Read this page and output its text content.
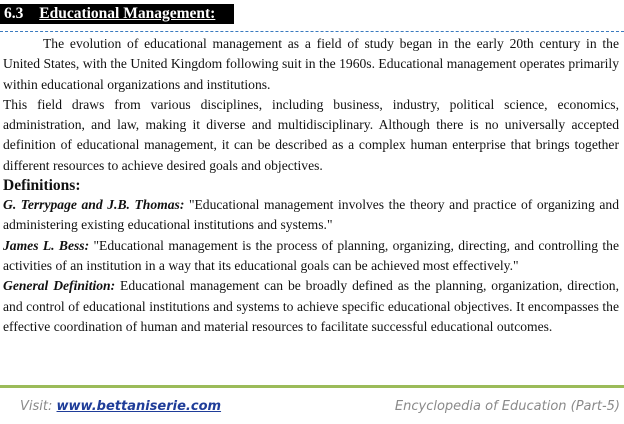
6.3 Educational Management:

The evolution of educational management as a field of study began in the early 20th century in the United States, with the United Kingdom following suit in the 1960s. Educational management operates primarily within educational organizations and institutions.

This field draws from various disciplines, including business, industry, political science, economics, administration, and law, making it diverse and multidisciplinary. Although there is no universally accepted definition of educational management, it can be described as a complex human enterprise that brings together different resources to achieve desired goals and objectives.

Definitions:

G. Terrypage and J.B. Thomas: "Educational management involves the theory and practice of organizing and administering existing educational institutions and systems."

James L. Bess: "Educational management is the process of planning, organizing, directing, and controlling the activities of an institution in a way that its educational goals can be achieved most effectively."

General Definition: Educational management can be broadly defined as the planning, organization, direction, and control of educational institutions and systems to achieve specific educational objectives. It encompasses the effective coordination of human and material resources to facilitate successful educational outcomes.

Visit: www.bettaniserie.com	Encyclopedia of Education (Part-5)
